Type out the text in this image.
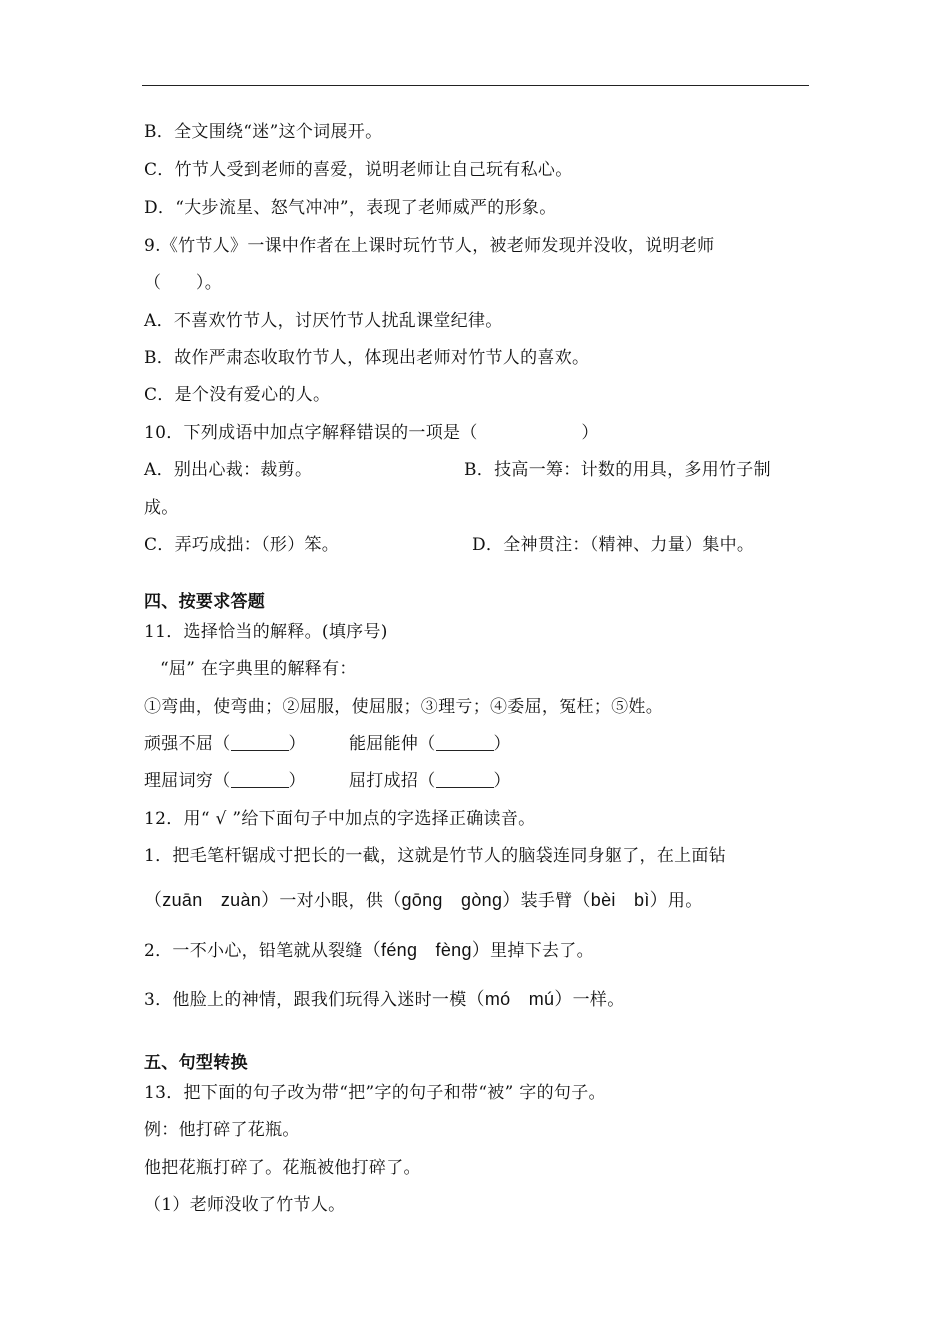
B．全文围绕“迷”这个词展开。
C．竹节人受到老师的喜爱，说明老师让自己玩有私心。
D．“大步流星、怒气冲冲”，表现了老师威严的形象。
9.《竹节人》一课中作者在上课时玩竹节人，被老师发现并没收，说明老师
（　　）。
A．不喜欢竹节人，讨厌竹节人扰乱课堂纪律。
B．故作严肃态收取竹节人，体现出老师对竹节人的喜欢。
C．是个没有爱心的人。
10．下列成语中加点字解释错误的一项是（　　　　　　）
A．别出心裁：裁剪。	B．技高一筹：计数的用具，多用竹子制
成。
C．弄巧成拙：（形）笨。	D．全神贯注：（精神、力量）集中。
四、按要求答题
11．选择恰当的解释。(填序号)
“屈” 在字典里的解释有：
①弯曲，使弯曲；②屈服，使屈服；③理亏；④委屈，冤枉；⑤姓。
顽强不屈（	）	能屈能伸（	）
理屈词穷（	）	屈打成招（	）
12．用“ √ ”给下面句子中加点的字选择正确读音。
1．把毛笔杆锯成寸把长的一截，这就是竹节人的脑袋连同身躯了，在上面钻
（zuān　zuàn）一对小眼，供（gōng　gòng）装手臂（bèi　bì）用。
2．一不小心，铅笔就从裂缝（féng　fèng）里掉下去了。
3．他脸上的神情，跟我们玩得入迷时一模（mó　mú）一样。
五、句型转换
13．把下面的句子改为带“把”字的句子和带“被” 字的句子。
例：他打碎了花瓶。
他把花瓶打碎了。花瓶被他打碎了。
（1）老师没收了竹节人。
